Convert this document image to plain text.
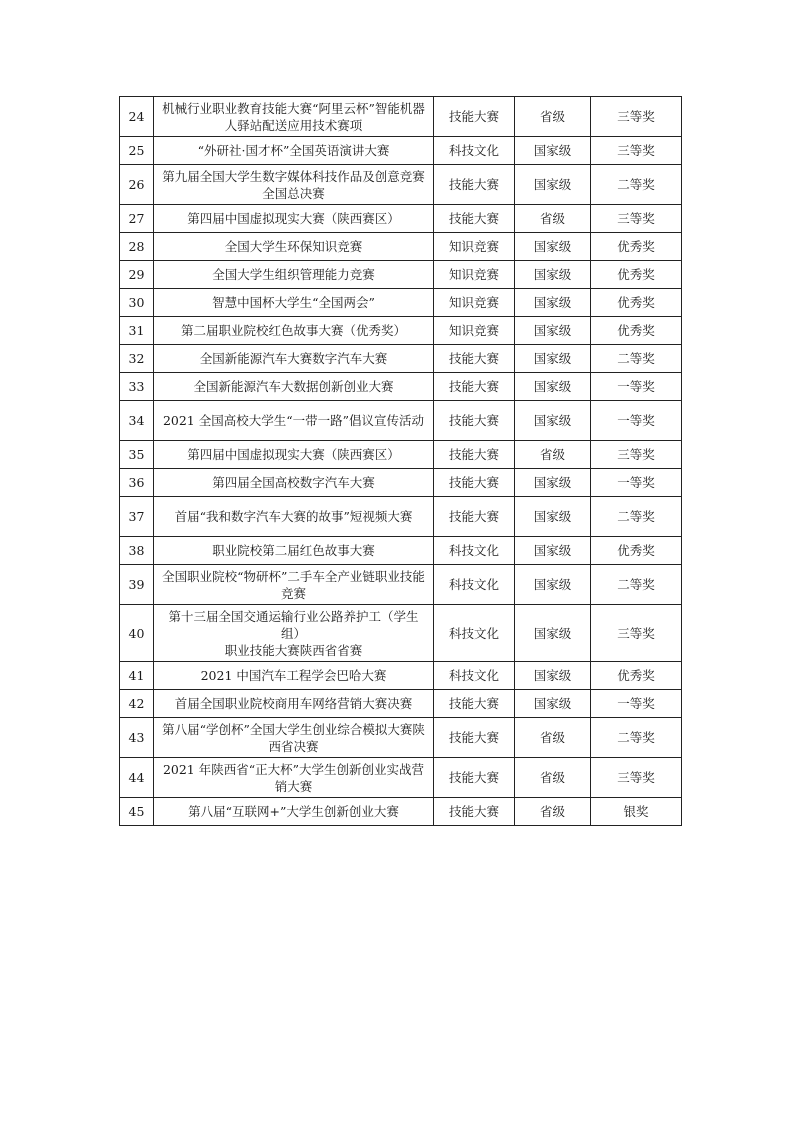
24	机械行业职业教育技能大赛“阿里云杯”智能机器人驿站配送应用技术赛项	技能大赛	省级	三等奖
25	“外研社·国才杯”全国英语演讲大赛	科技文化	国家级	三等奖
26	第九届全国大学生数字媒体科技作品及创意竞赛全国总决赛	技能大赛	国家级	二等奖
27	第四届中国虚拟现实大赛（陕西赛区）	技能大赛	省级	三等奖
28	全国大学生环保知识竞赛	知识竞赛	国家级	优秀奖
29	全国大学生组织管理能力竞赛	知识竞赛	国家级	优秀奖
30	智慧中国杯大学生“全国两会”	知识竞赛	国家级	优秀奖
31	第二届职业院校红色故事大赛（优秀奖）	知识竞赛	国家级	优秀奖
32	全国新能源汽车大赛数字汽车大赛	技能大赛	国家级	二等奖
33	全国新能源汽车大数据创新创业大赛	技能大赛	国家级	一等奖
34	2021 全国高校大学生“一带一路”倡议宣传活动	技能大赛	国家级	一等奖
35	第四届中国虚拟现实大赛（陕西赛区）	技能大赛	省级	三等奖
36	第四届全国高校数字汽车大赛	技能大赛	国家级	一等奖
37	首届“我和数字汽车大赛的故事”短视频大赛	技能大赛	国家级	二等奖
38	职业院校第二届红色故事大赛	科技文化	国家级	优秀奖
39	全国职业院校“物研杯”二手车全产业链职业技能竞赛	科技文化	国家级	二等奖
40	第十三届全国交通运输行业公路养护工（学生组）
职业技能大赛陕西省省赛	科技文化	国家级	三等奖
41	2021 中国汽车工程学会巴哈大赛	科技文化	国家级	优秀奖
42	首届全国职业院校商用车网络营销大赛决赛	技能大赛	国家级	一等奖
43	第八届“学创杯”全国大学生创业综合模拟大赛陕西省决赛	技能大赛	省级	二等奖
44	2021 年陕西省“正大杯”大学生创新创业实战营销大赛	技能大赛	省级	三等奖
45	第八届“互联网+”大学生创新创业大赛	技能大赛	省级	银奖
